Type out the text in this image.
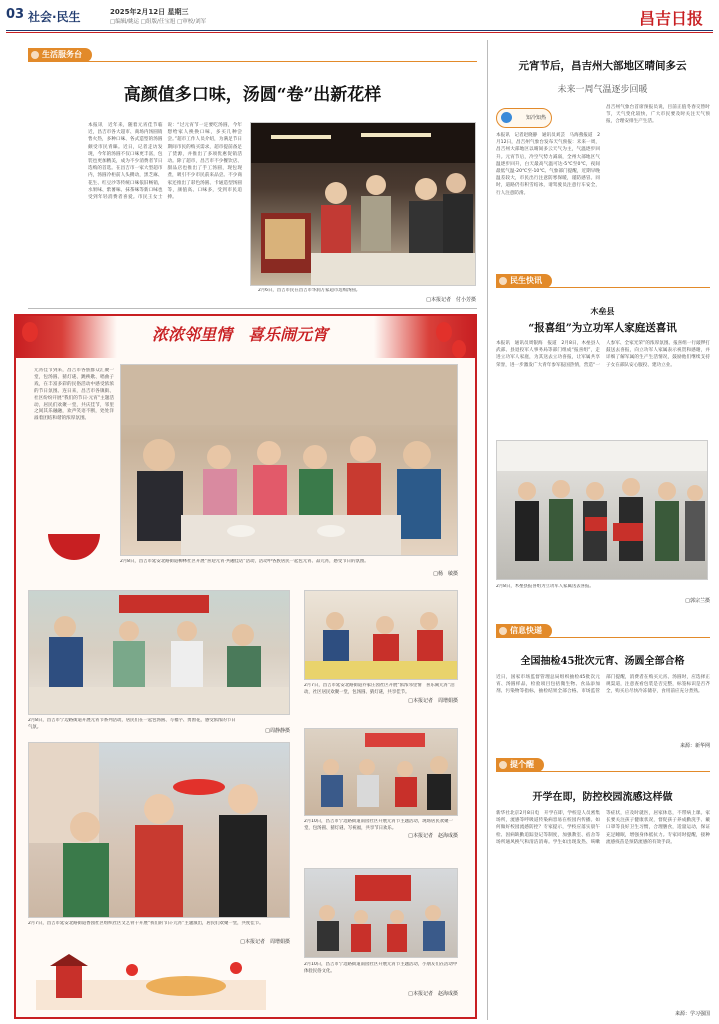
03 社会·民生	2025年2月12日 星期三
□编辑/姚运 □组版/任宝旭 □审校/刘军	昌吉日报
生活服务台
高颜值多口味，汤圆“卷”出新花样
本报讯　近年来，随着元宵佳节临近，昌吉市各大超市、商场内汤圆销售火热，多种口味、各式造型的汤圆颇受市民青睐。近日，记者走访发现，今年的汤圆不仅口味更丰富，包装也更加精美，成为不少消费者节日选购的首选。在昌吉市一家大型超市内，汤圆冷柜前人头攒动，黑芝麻、花生、红豆沙等传统口味依旧畅销，水果味、紫薯味、抹茶味等新口味也受到年轻消费者喜爱。市民王女士说：“过元宵节一定要吃汤圆，今年想给家人换换口味，多买几种尝尝。”超市工作人员介绍，为满足节日期间市民的购买需求，超市提前备足了货源，并推出了多项优惠促销活动。除了超市，昌吉市不少餐饮店、甜品店也推出了手工汤圆，现包现煮，吸引不少市民前来品尝。不少商家还推出了彩色汤圆、卡通造型汤圆等，颜值高、口味多，受到市民追捧。
2月6日，昌吉市民在昌吉市华润万家超市选购汤圆。
□本报记者　付小芳摄
浓浓邻里情　喜乐闹元宵
元宵佳节到来，昌吉市各族群众汇聚一堂，包汤圆、猜灯谜、跳秧歌、唱曲子戏，在丰富多彩的民俗活动中感受浓浓的节日氛围。连日来，昌吉市各镇街、社区纷纷开展“我们的节日·元宵”主题活动，居民们欢聚一堂，共庆佳节，邻里之间其乐融融，欢声笑语不断，处处洋溢着团结和谐的浓厚氛围。
2月8日，昌吉市延安北路街道柳林社区开展“喜迎元宵·共融佳话”活动，活动中各族居民一起包元宵、品元宵，感受节日的氛围。
□杨　敏摄
2月7日，昌吉市延安北路街道乔家庄园社区开展“浓浓邻里情　喜乐闹元宵”活动，社区居民欢聚一堂，包汤圆、猜灯谜，共享佳节。
□本报记者　周增娟摄
2月8日，昌吉市宁边路街道开展元宵节系列活动，居民们在一起包汤圆、写福字、剪窗花，感受浓浓的节日气氛。
□周静静摄
2月10日，昌吉市宁边路街道南园社区开展元宵节主题活动，现场居民欢聚一堂，包汤圆、猜灯谜、写祝福，共享节日欢乐。
□本报记者　赵海成摄
2月7日，昌吉市延安北路街道香园社区组织社区文艺骨干开展“我们的节日·元宵”主题演出，居民们欢聚一堂，共度佳节。
□本报记者　周增娟摄
2月10日，昌吉市宁边路街道南园社区开展元宵节主题活动，小朋友们在活动中体验民俗文化。
□本报记者　赵海成摄
元宵节后，昌吉州大部地区晴间多云
未来一周气温逐步回暖
知冷知热
本报讯　记者赵晓静　通讯员刘芸　马海燕报道　2月12日，昌吉州气象台发布天气预报：未来一周，昌吉州大部地区以晴间多云天气为主，气温逐步回升。元宵节后，冷空气势力减弱，全州大部地区气温逐步回升，白天最高气温可达-5℃至0℃，夜间最低气温-20℃至-10℃。气象部门提醒，近期早晚温差较大，市民出行注意防寒保暖，谨防感冒。同时，道路仍有积雪结冰，请驾驶员注意行车安全，行人注意防滑。
昌吉州气象台首席预报员说，目前正值冬春交替时节，天气变化较快，广大市民要及时关注天气预报，合理安排生产生活。
民生快讯
木垒县
“报喜组”为立功军人家庭送喜讯
本报讯　通讯员周银海　报道　2月8日，木垒县人武部、县退役军人事务局等部门组成“报喜组”，走进立功军人家庭，为其送去立功喜报，让军属共享荣誉，进一步激发广大青年参军报国热情，营造“一人参军、全家光荣”的浓厚氛围。报喜组一行敲锣打鼓送去喜报，向立功军人家属表示祝贺和感谢，并详细了解军属的生产生活情况，鼓励他们继续支持子女在部队安心服役、建功立业。
2月8日，木垒县报喜组为立功军人家属送去喜报。
□郭宗兰摄
信息快递
全国抽检45批次元宵、汤圆全部合格
近日，国家市场监督管理总局组织抽检45批次元宵、汤圆样品，检验项目包括微生物、食品添加剂、污染物等指标，抽检结果全部合格。市场监管部门提醒，消费者在购买元宵、汤圆时，应选择正规渠道，注意查看包装是否完整，标签标识是否齐全，购买后尽快冷冻储存，食用前应充分煮熟。
来源：新华网
提个醒
开学在即，防控校园流感这样做
新华社北京2月8日电　开学在即，学校是人员密集场所，流感等呼吸道传染病容易在校园内传播。如何做好校园流感防控？专家提示，学校应落实晨午检、因病缺勤追踪登记等制度，加强教室、宿舍等场所通风换气和清洁消毒。学生如出现发热、咳嗽等症状，应及时就医，居家休息，不带病上课。家长要关注孩子健康状况，督促孩子养成勤洗手、戴口罩等良好卫生习惯，合理膳食，适量运动，保证充足睡眠，增强身体抵抗力。专家同时提醒，接种流感疫苗是预防流感的有效手段。
来源：学习强国
